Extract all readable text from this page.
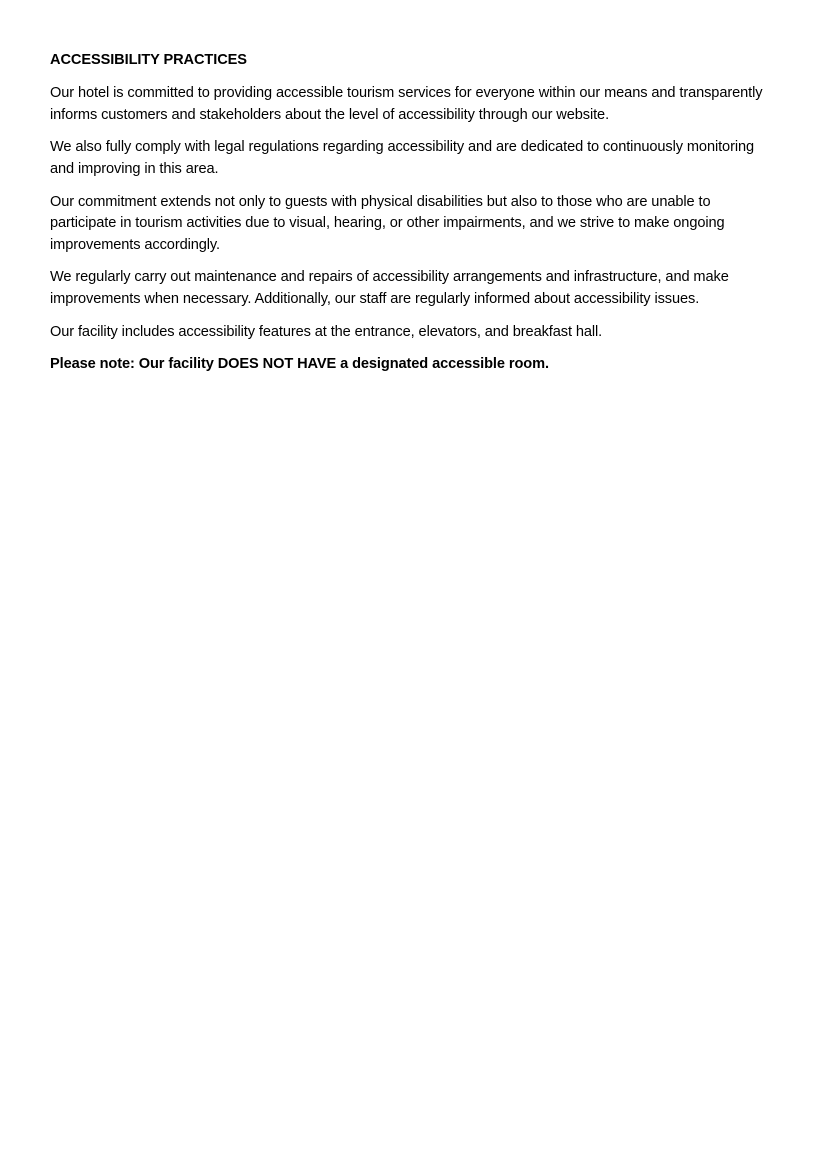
ACCESSIBILITY PRACTICES

Our hotel is committed to providing accessible tourism services for everyone within our means and transparently informs customers and stakeholders about the level of accessibility through our website.

We also fully comply with legal regulations regarding accessibility and are dedicated to continuously monitoring and improving in this area.

Our commitment extends not only to guests with physical disabilities but also to those who are unable to participate in tourism activities due to visual, hearing, or other impairments, and we strive to make ongoing improvements accordingly.

We regularly carry out maintenance and repairs of accessibility arrangements and infrastructure, and make improvements when necessary. Additionally, our staff are regularly informed about accessibility issues.

Our facility includes accessibility features at the entrance, elevators, and breakfast hall.

Please note: Our facility DOES NOT HAVE a designated accessible room.
